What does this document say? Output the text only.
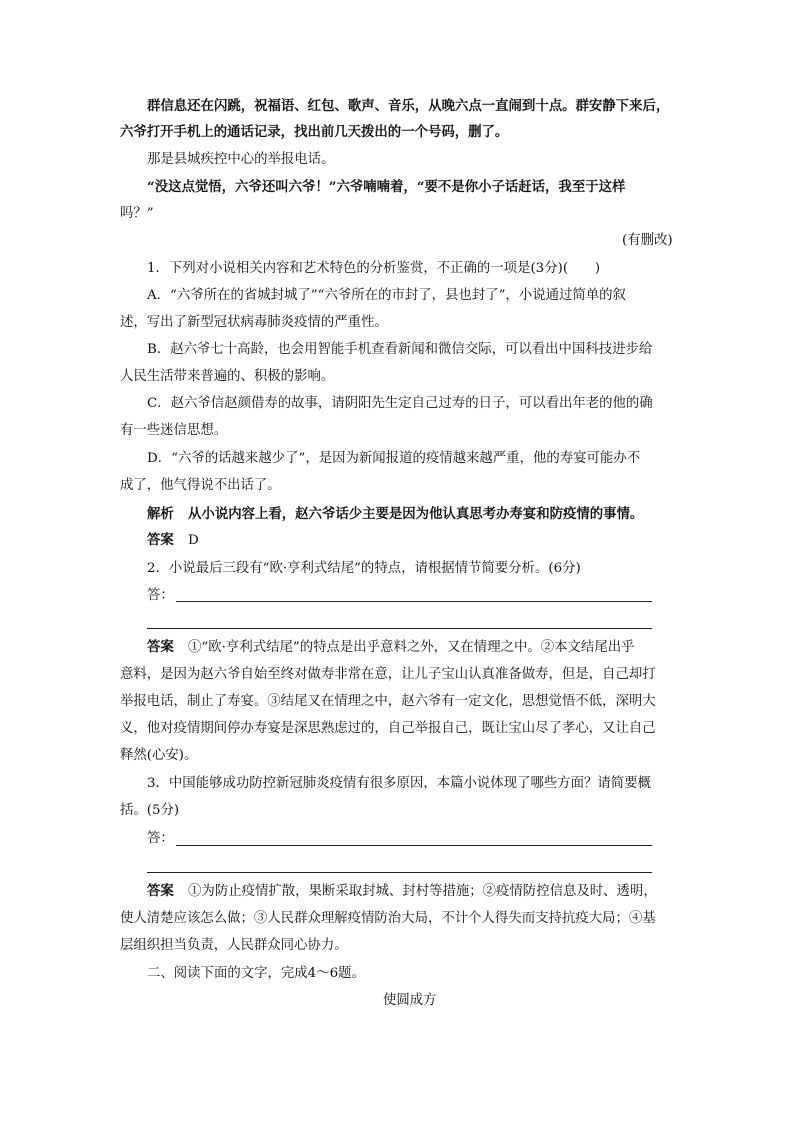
群信息还在闪跳，祝福语、红包、歌声、音乐，从晚六点一直闹到十点。群安静下来后，
六爷打开手机上的通话记录，找出前几天拨出的一个号码，删了。
那是县城疾控中心的举报电话。
“没这点觉悟，六爷还叫六爷！”六爷喃喃着，“要不是你小子话赶话，我至于这样
吗？”
(有删改)
1．下列对小说相关内容和艺术特色的分析鉴赏，不正确的一项是(3分)(　　)
A．“六爷所在的省城封城了”“六爷所在的市封了，县也封了”，小说通过简单的叙
述，写出了新型冠状病毒肺炎疫情的严重性。
B．赵六爷七十高龄，也会用智能手机查看新闻和微信交际，可以看出中国科技进步给
人民生活带来普遍的、积极的影响。
C．赵六爷信赵颜借寿的故事，请阴阳先生定自己过寿的日子，可以看出年老的他的确
有一些迷信思想。
D．“六爷的话越来越少了”，是因为新闻报道的疫情越来越严重，他的寿宴可能办不
成了，他气得说不出话了。
解析 从小说内容上看，赵六爷话少主要是因为他认真思考办寿宴和防疫情的事情。
答案 D
2．小说最后三段有“欧·亨利式结尾”的特点，请根据情节简要分析。(6分)
答：
答案 ①“欧·亨利式结尾”的特点是出乎意料之外，又在情理之中。②本文结尾出乎
意料，是因为赵六爷自始至终对做寿非常在意，让儿子宝山认真准备做寿，但是，自己却打
举报电话，制止了寿宴。③结尾又在情理之中，赵六爷有一定文化，思想觉悟不低，深明大
义，他对疫情期间停办寿宴是深思熟虑过的，自己举报自己，既让宝山尽了孝心，又让自己
释然(心安)。
3．中国能够成功防控新冠肺炎疫情有很多原因，本篇小说体现了哪些方面？请简要概
括。(5分)
答：
答案 ①为防止疫情扩散，果断采取封城、封村等措施；②疫情防控信息及时、透明，
使人清楚应该怎么做；③人民群众理解疫情防治大局，不计个人得失而支持抗疫大局；④基
层组织担当负责，人民群众同心协力。
二、阅读下面的文字，完成4～6题。
使圆成方
